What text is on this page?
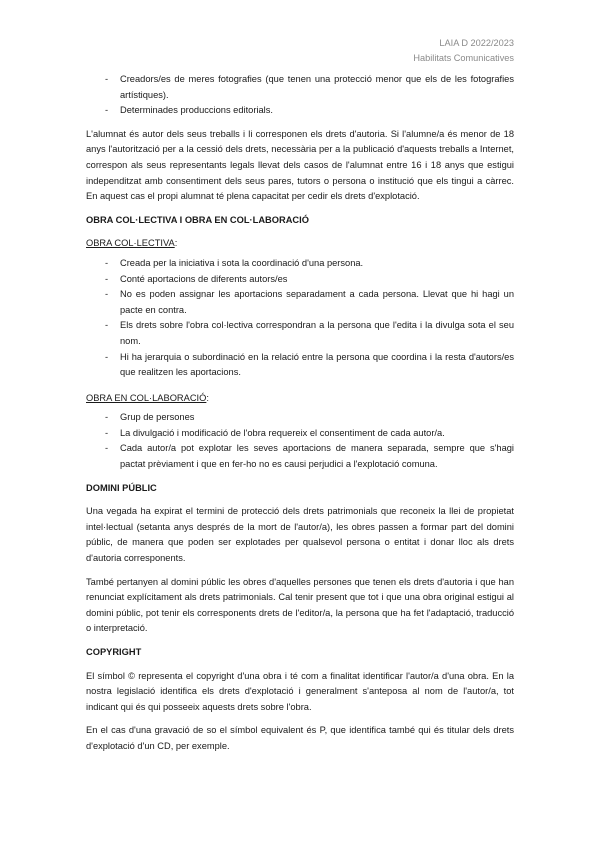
LAIA D 2022/2023
Habilitats Comunicatives
- Creadors/es de meres fotografies (que tenen una protecció menor que els de les fotografies artístiques).
- Determinades produccions editorials.

L'alumnat és autor dels seus treballs i li corresponen els drets d'autoria. Si l'alumne/a és menor de 18 anys l'autorització per a la cessió dels drets, necessària per a la publicació d'aquests treballs a Internet, correspon als seus representants legals llevat dels casos de l'alumnat entre 16 i 18 anys que estigui independitzat amb consentiment dels seus pares, tutors o persona o institució que els tingui a càrrec. En aquest cas el propi alumnat té plena capacitat per cedir els drets d'explotació.

OBRA COL·LECTIVA I OBRA EN COL·LABORACIÓ
OBRA COL·LECTIVA:
- Creada per la iniciativa i sota la coordinació d'una persona.
- Conté aportacions de diferents autors/es
- No es poden assignar les aportacions separadament a cada persona. Llevat que hi hagi un pacte en contra.
- Els drets sobre l'obra col·lectiva correspondran a la persona que l'edita i la divulga sota el seu nom.
- Hi ha jerarquia o subordinació en la relació entre la persona que coordina i la resta d'autors/es que realitzen les aportacions.
OBRA EN COL·LABORACIÓ:
- Grup de persones
- La divulgació i modificació de l'obra requereix el consentiment de cada autor/a.
- Cada autor/a pot explotar les seves aportacions de manera separada, sempre que s'hagi pactat prèviament i que en fer-ho no es causi perjudici a l'explotació comuna.
DOMINI PÚBLIC

Una vegada ha expirat el termini de protecció dels drets patrimonials que reconeix la llei de propietat intel·lectual (setanta anys després de la mort de l'autor/a), les obres passen a formar part del domini públic, de manera que poden ser explotades per qualsevol persona o entitat i donar lloc als drets d'autoria corresponents.

També pertanyen al domini públic les obres d'aquelles persones que tenen els drets d'autoria i que han renunciat explícitament als drets patrimonials. Cal tenir present que tot i que una obra original estigui al domini públic, pot tenir els corresponents drets de l'editor/a, la persona que ha fet l'adaptació, traducció o interpretació.

COPYRIGHT

El símbol © representa el copyright d'una obra i té com a finalitat identificar l'autor/a d'una obra. En la nostra legislació identifica els drets d'explotació i generalment s'anteposa al nom de l'autor/a, tot indicant qui és qui posseeix aquests drets sobre l'obra.

En el cas d'una gravació de so el símbol equivalent és P, que identifica també qui és titular dels drets d'explotació d'un CD, per exemple.
